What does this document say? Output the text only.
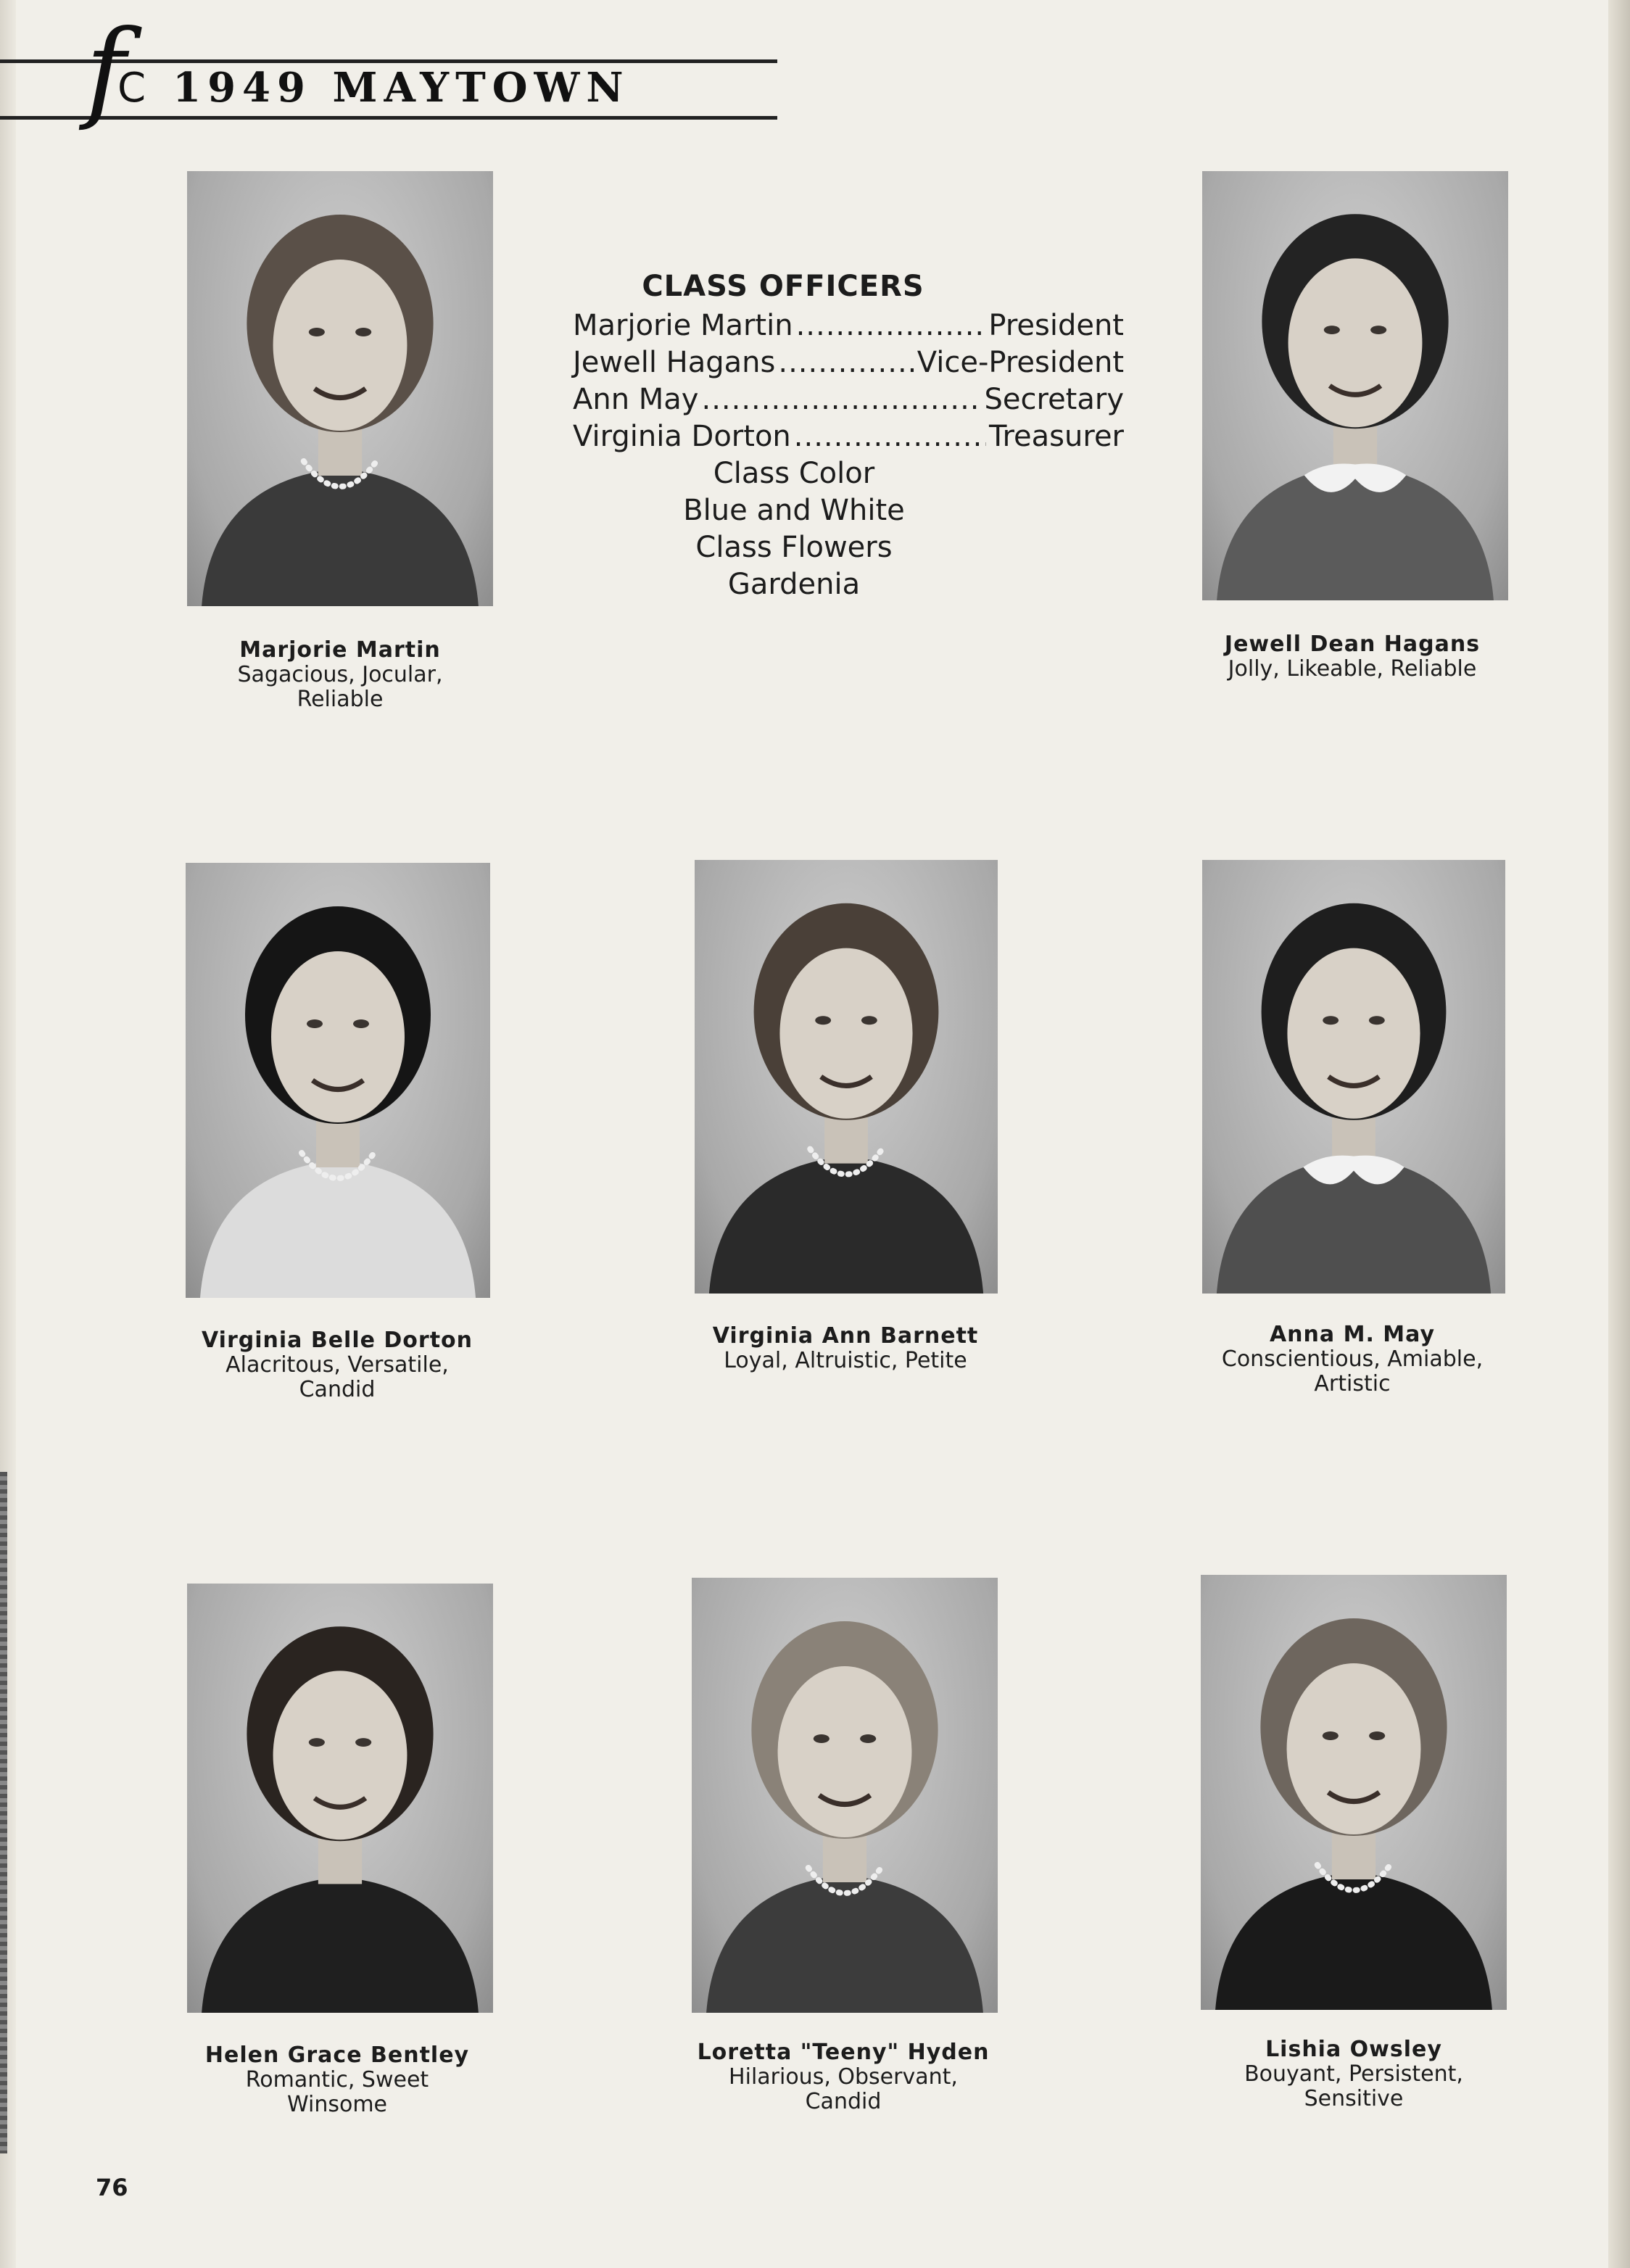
f
C 1949 MAYTOWN
CLASS OFFICERS
Marjorie Martin .....	President
Jewell Hagans .....	Vice-President
Ann May .....	Secretary
Virginia Dorton .....	Treasurer
Class Color
Blue and White
Class Flowers
Gardenia
Marjorie Martin
Sagacious, Jocular,
Reliable
Jewell Dean Hagans
Jolly, Likeable, Reliable
Virginia Belle Dorton
Alacritous, Versatile,
Candid
Virginia Ann Barnett
Loyal, Altruistic, Petite
Anna M. May
Conscientious, Amiable,
Artistic
Helen Grace Bentley
Romantic, Sweet
Winsome
Loretta "Teeny" Hyden
Hilarious, Observant,
Candid
Lishia Owsley
Bouyant, Persistent,
Sensitive
76
